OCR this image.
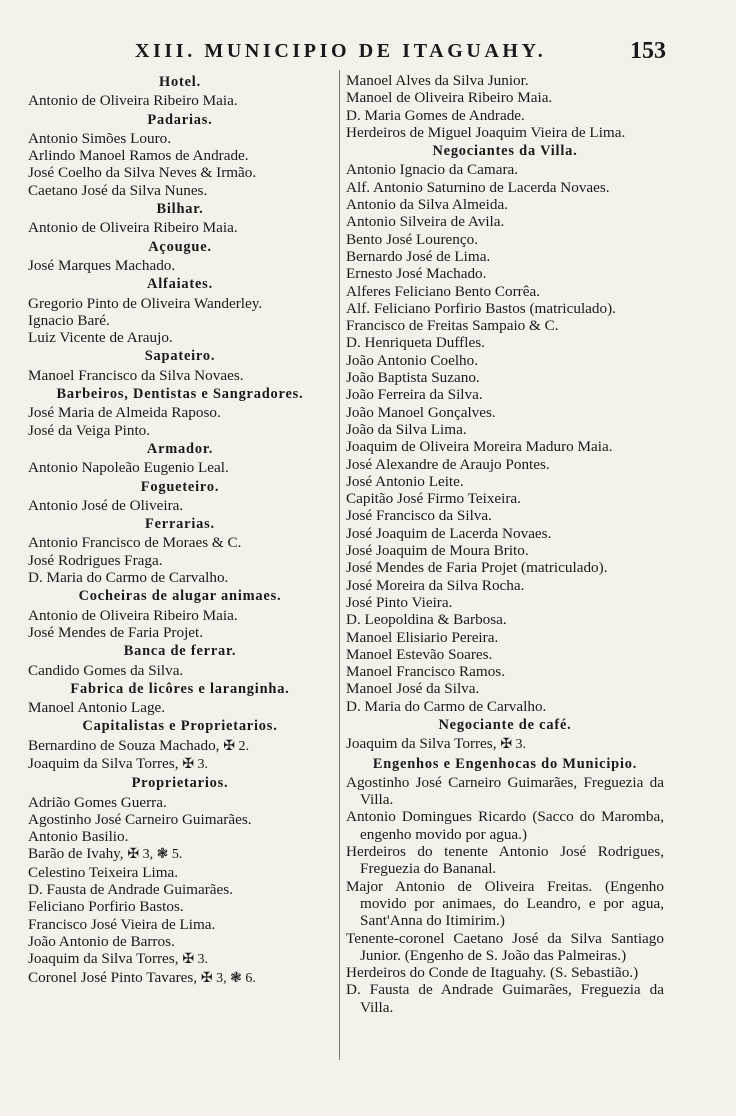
XIII. MUNICIPIO DE ITAGUAHY.	153
Hotel.
Antonio de Oliveira Ribeiro Maia.
Padarias.
Antonio Simões Louro.
Arlindo Manoel Ramos de Andrade.
José Coelho da Silva Neves & Irmão.
Caetano José da Silva Nunes.
Bilhar.
Antonio de Oliveira Ribeiro Maia.
Açougue.
José Marques Machado.
Alfaiates.
Gregorio Pinto de Oliveira Wanderley.
Ignacio Baré.
Luiz Vicente de Araujo.
Sapateiro.
Manoel Francisco da Silva Novaes.
Barbeiros, Dentistas e Sangradores.
José Maria de Almeida Raposo.
José da Veiga Pinto.
Armador.
Antonio Napoleão Eugenio Leal.
Fogueteiro.
Antonio José de Oliveira.
Ferrarias.
Antonio Francisco de Moraes & C.
José Rodrigues Fraga.
D. Maria do Carmo de Carvalho.
Cocheiras de alugar animaes.
Antonio de Oliveira Ribeiro Maia.
José Mendes de Faria Projet.
Banca de ferrar.
Candido Gomes da Silva.
Fabrica de licôres e laranginha.
Manoel Antonio Lage.
Capitalistas e Proprietarios.
Bernardino de Souza Machado, ✠ 2.
Joaquim da Silva Torres, ✠ 3.
Proprietarios.
Adrião Gomes Guerra.
Agostinho José Carneiro Guimarães.
Antonio Basilio.
Barão de Ivahy, ✠ 3, ❃ 5.
Celestino Teixeira Lima.
D. Fausta de Andrade Guimarães.
Feliciano Porfirio Bastos.
Francisco José Vieira de Lima.
João Antonio de Barros.
Joaquim da Silva Torres, ✠ 3.
Coronel José Pinto Tavares, ✠ 3, ❃ 6.
Manoel Alves da Silva Junior.
Manoel de Oliveira Ribeiro Maia.
D. Maria Gomes de Andrade.
Herdeiros de Miguel Joaquim Vieira de Lima.
Negociantes da Villa.
Antonio Ignacio da Camara.
Alf. Antonio Saturnino de Lacerda Novaes.
Antonio da Silva Almeida.
Antonio Silveira de Avila.
Bento José Lourenço.
Bernardo José de Lima.
Ernesto José Machado.
Alferes Feliciano Bento Corrêa.
Alf. Feliciano Porfirio Bastos (matriculado).
Francisco de Freitas Sampaio & C.
D. Henriqueta Duffles.
João Antonio Coelho.
João Baptista Suzano.
João Ferreira da Silva.
João Manoel Gonçalves.
João da Silva Lima.
Joaquim de Oliveira Moreira Maduro Maia.
José Alexandre de Araujo Pontes.
José Antonio Leite.
Capitão José Firmo Teixeira.
José Francisco da Silva.
José Joaquim de Lacerda Novaes.
José Joaquim de Moura Brito.
José Mendes de Faria Projet (matriculado).
José Moreira da Silva Rocha.
José Pinto Vieira.
D. Leopoldina & Barbosa.
Manoel Elisiario Pereira.
Manoel Estevão Soares.
Manoel Francisco Ramos.
Manoel José da Silva.
D. Maria do Carmo de Carvalho.
Negociante de café.
Joaquim da Silva Torres, ✠ 3.
Engenhos e Engenhocas do Municipio.
Agostinho José Carneiro Guimarães, Freguezia da Villa.
Antonio Domingues Ricardo (Sacco do Maromba, engenho movido por agua.)
Herdeiros do tenente Antonio José Rodrigues, Freguezia do Bananal.
Major Antonio de Oliveira Freitas. (Engenho movido por animaes, do Leandro, e por agua, Sant'Anna do Itimirim.)
Tenente-coronel Caetano José da Silva Santiago Junior. (Engenho de S. João das Palmeiras.)
Herdeiros do Conde de Itaguahy. (S. Sebastião.)
D. Fausta de Andrade Guimarães, Freguezia da Villa.
